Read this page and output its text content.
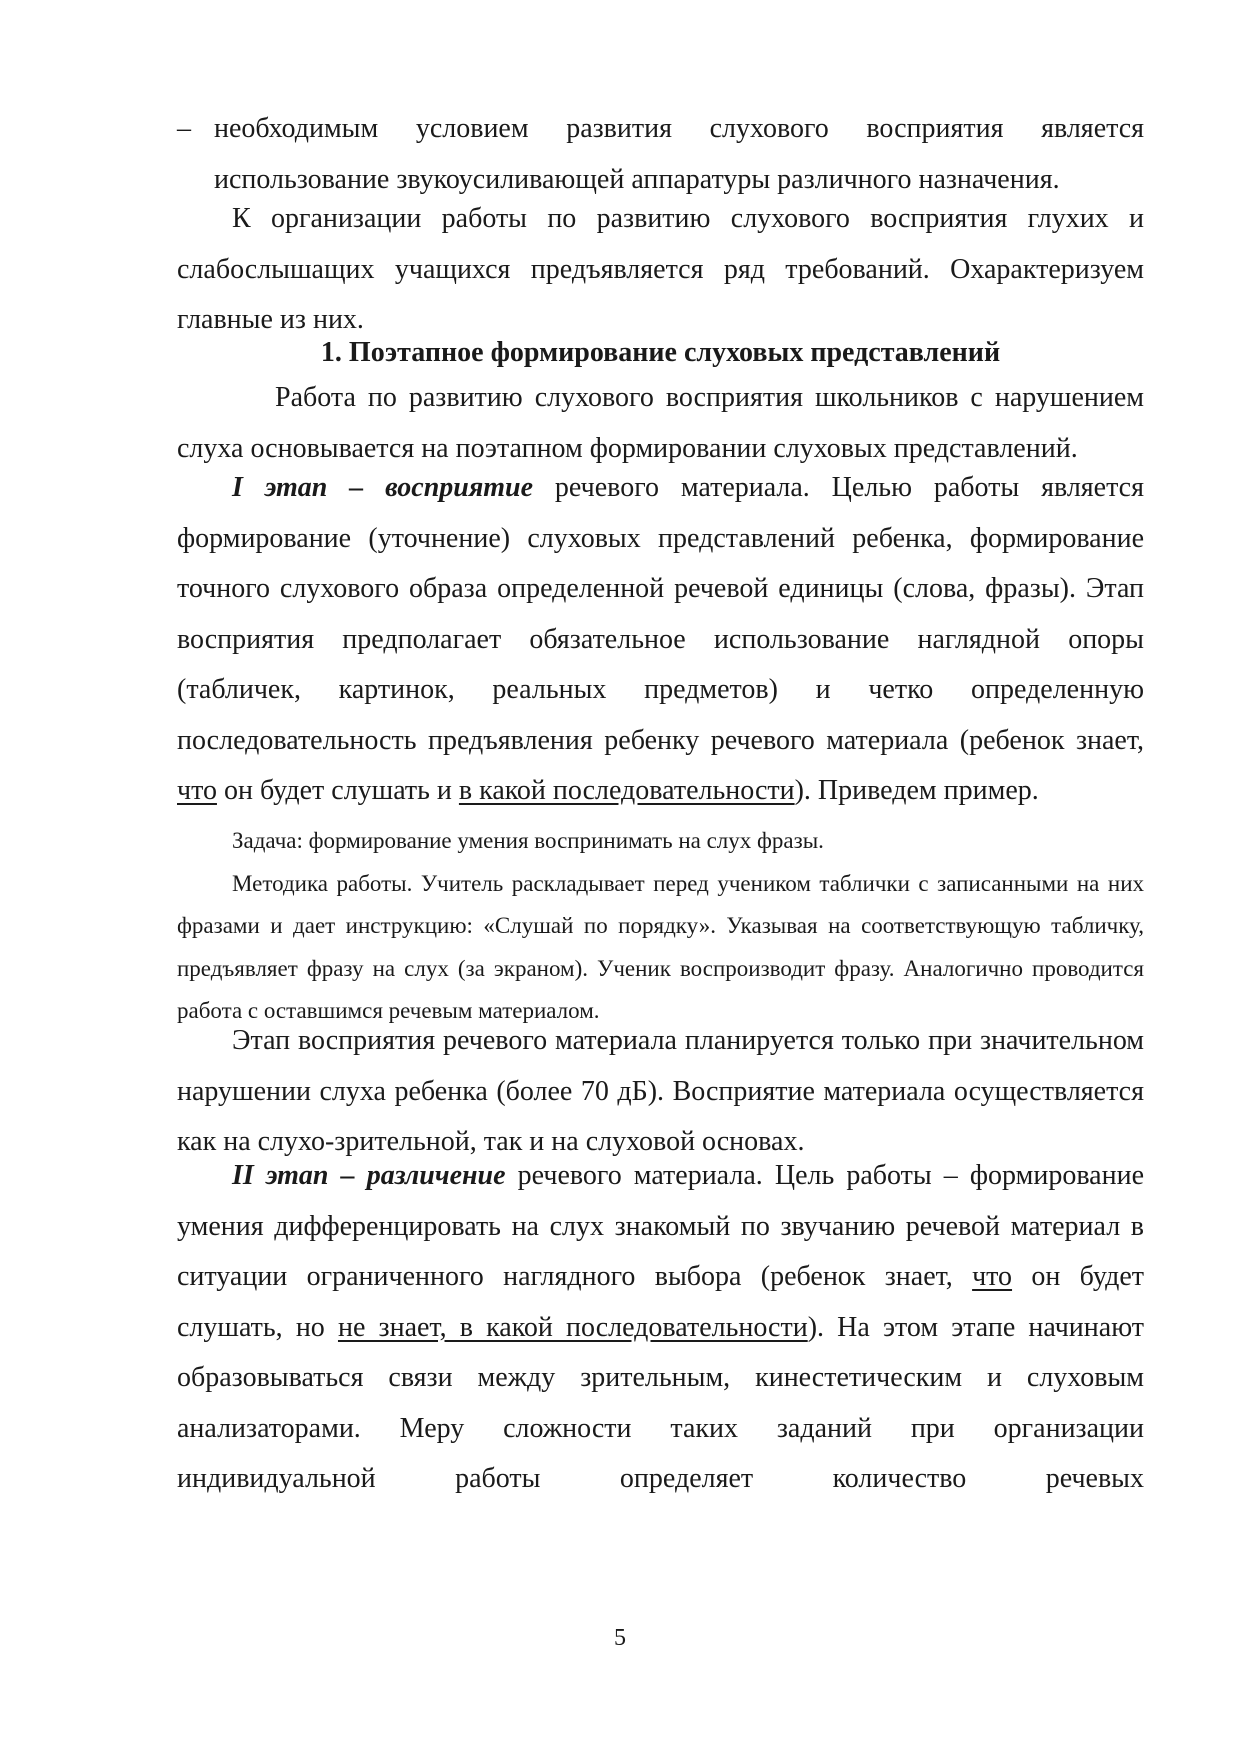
– необходимым условием развития слухового восприятия является
использование звукоусиливающей аппаратуры различного назначения.

К организации работы по развитию слухового восприятия глухих и слабослышащих учащихся предъявляется ряд требований. Охарактеризуем главные из них.

1. Поэтапное формирование слуховых представлений

Работа по развитию слухового восприятия школьников с нарушением слуха основывается на поэтапном формировании слуховых представлений.

I этап – восприятие речевого материала. Целью работы является формирование (уточнение) слуховых представлений ребенка, формирование точного слухового образа определенной речевой единицы (слова, фразы). Этап восприятия предполагает обязательное использование наглядной опоры (табличек, картинок, реальных предметов) и четко определенную последовательность предъявления ребенку речевого материала (ребенок знает, что он будет слушать и в какой последовательности). Приведем пример.

Задача: формирование умения воспринимать на слух фразы.

Методика работы. Учитель раскладывает перед учеником таблички с записанными на них фразами и дает инструкцию: «Слушай по порядку». Указывая на соответствующую табличку, предъявляет фразу на слух (за экраном). Ученик воспроизводит фразу. Аналогично проводится работа с оставшимся речевым материалом.

Этап восприятия речевого материала планируется только при значительном нарушении слуха ребенка (более 70 дБ). Восприятие материала осуществляется как на слухо-зрительной, так и на слуховой основах.

II этап – различение речевого материала. Цель работы – формирование умения дифференцировать на слух знакомый по звучанию речевой материал в ситуации ограниченного наглядного выбора (ребенок знает, что он будет слушать, но не знает, в какой последовательности). На этом этапе начинают образовываться связи между зрительным, кинестетическим и слуховым анализаторами. Меру сложности таких заданий при организации индивидуальной работы определяет количество речевых

5
